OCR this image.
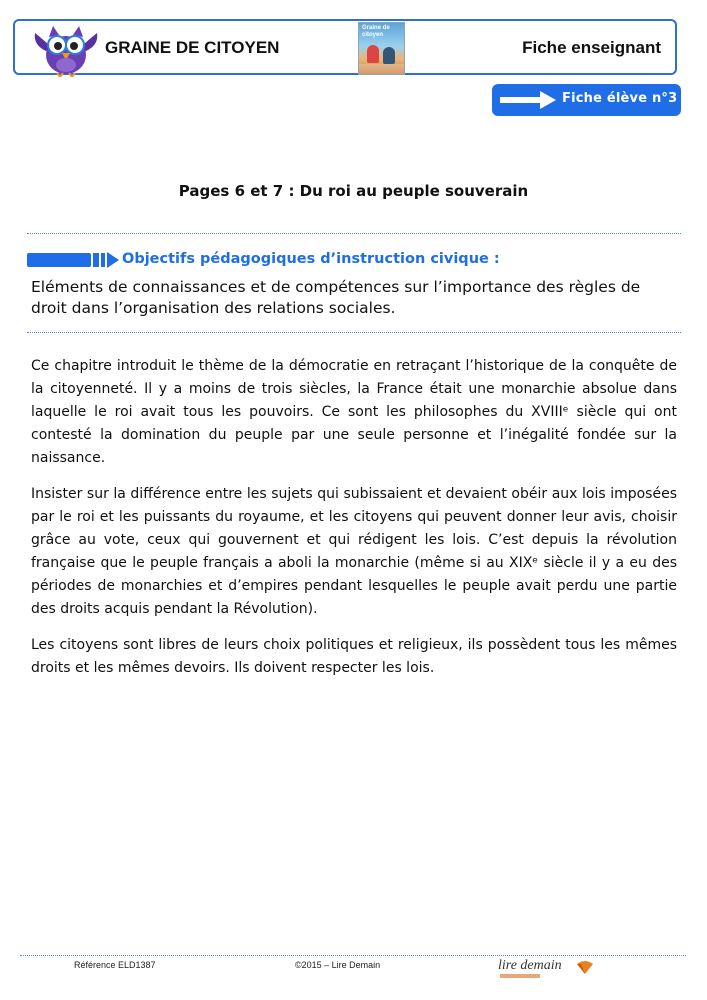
GRAINE DE CITOYEN
Graine de citoyen
Fiche enseignant
Fiche élève n°3
Pages 6 et 7 : Du roi au peuple souverain
Objectifs pédagogiques d’instruction civique :
Eléments de connaissances et de compétences sur l’importance des règles de droit dans l’organisation des relations sociales.
Ce chapitre introduit le thème de la démocratie en retraçant l’historique de la conquête de la citoyenneté. Il y a moins de trois siècles, la France était une monarchie absolue dans laquelle le roi avait tous les pouvoirs. Ce sont les philosophes du XVIIIᵉ siècle qui ont contesté la domination du peuple par une seule personne et l’inégalité fondée sur la naissance.
Insister sur la différence entre les sujets qui subissaient et devaient obéir aux lois imposées par le roi et les puissants du royaume, et les citoyens qui peuvent donner leur avis, choisir grâce au vote, ceux qui gouvernent et qui rédigent les lois. C’est depuis la révolution française que le peuple français a aboli la monarchie (même si au XIXᵉ siècle il y a eu des périodes de monarchies et d’empires pendant lesquelles le peuple avait perdu une partie des droits acquis pendant la Révolution).
Les citoyens sont libres de leurs choix politiques et religieux, ils possèdent tous les mêmes droits et les mêmes devoirs. Ils doivent respecter les lois.
Référence ELD1387	©2015 – Lire Demain	lire demain
